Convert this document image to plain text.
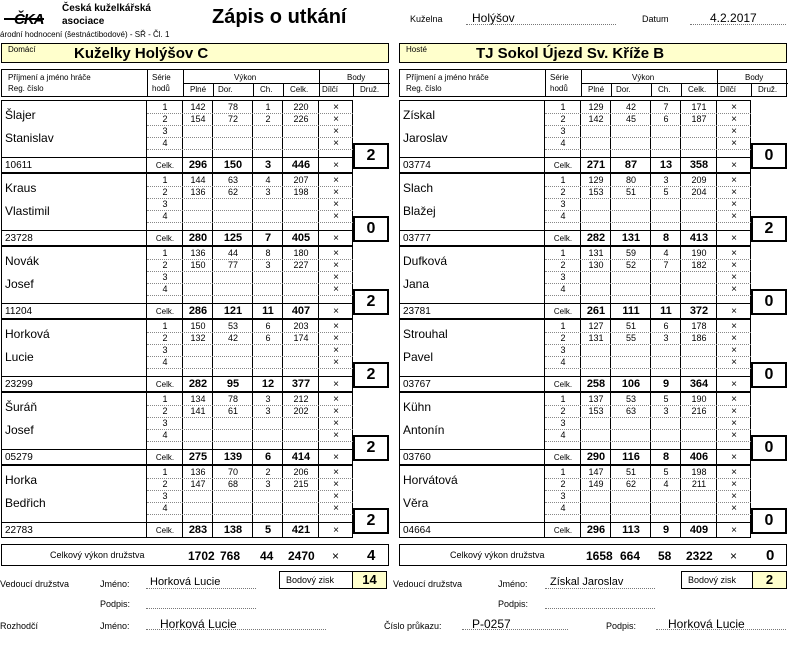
Česká kuželkářská
asociace	Zápis o utkání	Kuželna Holýšov	Datum	4.2.2017
árodní hodnocení (šestnáctibodové) - SŘ - Čl. 1
Domácí	Kuželky Holýšov C	Hosté	TJ Sokol Újezd Sv. Kříže B
Příjmení a jméno hráče
Reg. číslo
Série
hodů
Výkon
Plné Dor.	Ch. Celk.
Body
Dílčí	Druž.
Šlajer
Stanislav
10611
1	142	78	1	220	×
2	154	72	2	226	×
3	×
4	×
Celk.	296	150	3	446	×
2
Kraus
Vlastimil
23728
1	144	63	4	207	×
2	136	62	3	198	×
3	×
4	×
Celk.	280	125	7	405	×
0
Novák
Josef
11204
1	136	44	8	180	×
2	150	77	3	227	×
3	×
4	×
Celk.	286	121	11	407	×
2
Horková
Lucie
23299
1	150	53	6	203	×
2	132	42	6	174	×
3	×
4	×
Celk.	282	95	12	377	×
2
Šuráň
Josef
05279
1	134	78	3	212	×
2	141	61	3	202	×
3	×
4	×
Celk.	275	139	6	414	×
2
Horka
Bedřich
22783
1	136	70	2	206	×
2	147	68	3	215	×
3	×
4	×
Celk.	283	138	5	421	×
2
Příjmení a jméno hráče
Reg. číslo
Série
hodů
Výkon
Plné Dor.	Ch. Celk.
Body
Dílčí	Druž.
Získal
Jaroslav
03774
1	129	42	7	171	×
2	142	45	6	187	×
3	×
4	×
Celk.	271	87	13	358	×
0
Slach
Blažej
03777
1	129	80	3	209	×
2	153	51	5	204	×
3	×
4	×
Celk.	282	131	8	413	×
2
Dufková
Jana
23781
1	131	59	4	190	×
2	130	52	7	182	×
3	×
4	×
Celk.	261	111	11	372	×
0
Strouhal
Pavel
03767
1	127	51	6	178	×
2	131	55	3	186	×
3	×
4	×
Celk.	258	106	9	364	×
0
Kühn
Antonín
03760
1	137	53	5	190	×
2	153	63	3	216	×
3	×
4	×
Celk.	290	116	8	406	×
0
Horvátová
Věra
04664
1	147	51	5	198	×
2	149	62	4	211	×
3	×
4	×
Celk.	296	113	9	409	×
0
Celkový výkon družstva	1702 768 44 2470 × 4	Celkový výkon družstva	1658 664 58 2322 × 0
Vedoucí družstva	Jméno: Horková Lucie	Bodový zisk	14
Podpis:
Vedoucí družstva	Jméno: Získal Jaroslav	Bodový zisk	2
Podpis:
Rozhodčí	Jméno:	Horková Lucie	Číslo průkazu:	P-0257	Podpis:	Horková Lucie
